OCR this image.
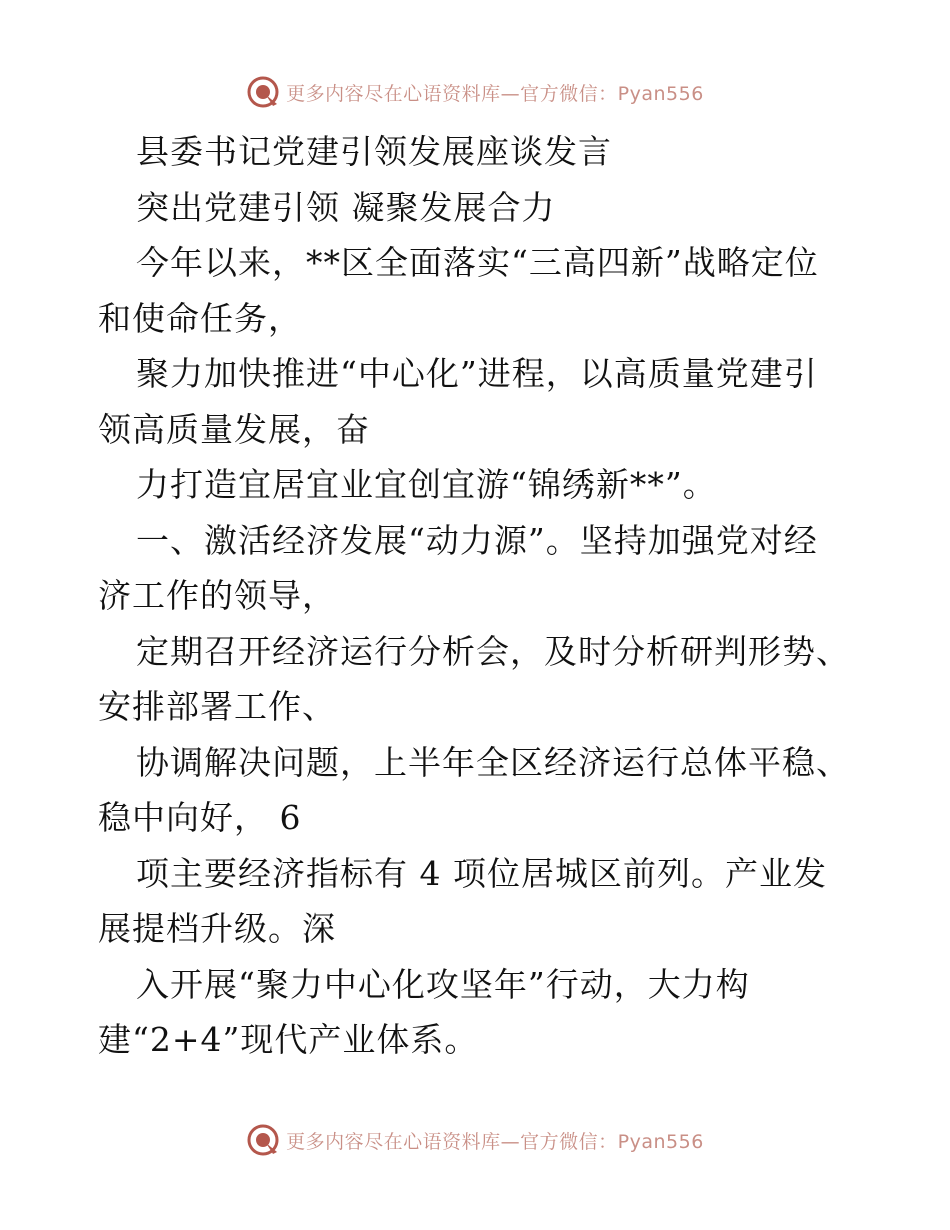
更多内容尽在心语资料库—官方微信：Pyan556
县委书记党建引领发展座谈发言
突出党建引领 凝聚发展合力
今年以来，**区全面落实“三高四新”战略定位
和使命任务，
聚力加快推进“中心化”进程，以高质量党建引
领高质量发展，奋
力打造宜居宜业宜创宜游“锦绣新**”。
一、激活经济发展“动力源”。坚持加强党对经
济工作的领导，
定期召开经济运行分析会，及时分析研判形势、
安排部署工作、
协调解决问题，上半年全区经济运行总体平稳、
稳中向好， 6
项主要经济指标有 4 项位居城区前列。产业发
展提档升级。深
入开展“聚力中心化攻坚年”行动，大力构
建“2+4”现代产业体系。
更多内容尽在心语资料库—官方微信：Pyan556
